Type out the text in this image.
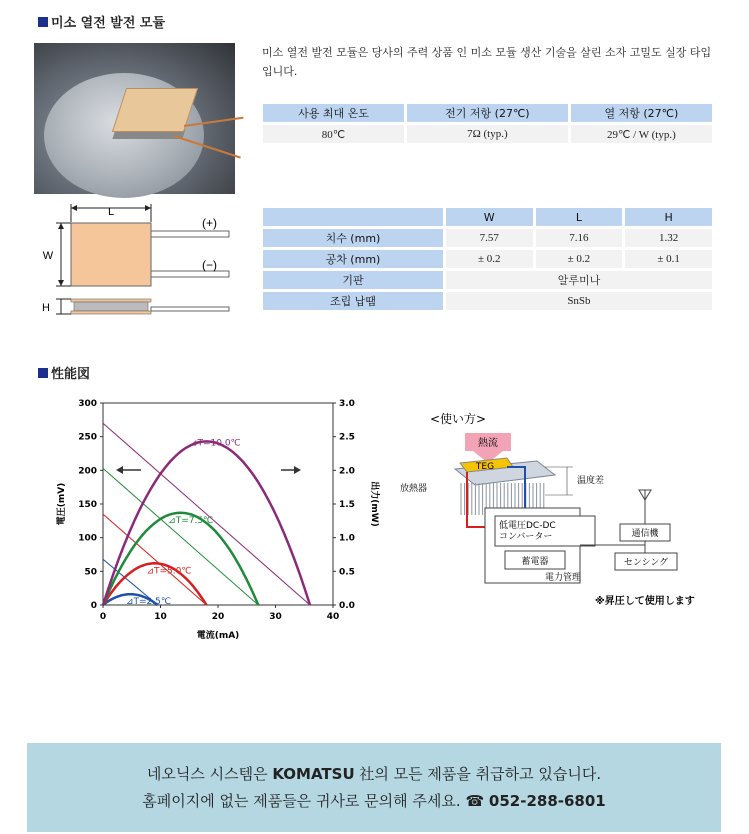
미소 열전 발전 모듈
미소 열전 발전 모듈은 당사의 주력 상품 인 미소 모듈 생산 기술을 살린 소자 고밀도 실장 타입입니다.
사용 최대 온도	전기 저항 (27℃)	열 저항 (27℃)
80℃	7Ω (typ.)	29℃ / W (typ.)
L
(+)
(−)
W
H
	W	L	H
치수 (mm)	7.57	7.16	1.32
공차 (mm)	± 0.2	± 0.2	± 0.1
기판	알루미나		
조립 납땜	SnSb		
性能図
0	10	20	30	40
0
50
100
150
200
250
300
0.0
0.5
1.0
1.5
2.0
2.5
3.0
電流(mA)
電圧(mV)	出力(mW)
⊿T=2.5℃
⊿T=5.0℃
⊿T=7.5℃
⊿T=10.0℃
<使い方>
熱流
TEG
放熱器
温度差
低電圧DC-DC コンバーター
蓄電器
電力管理
通信機
センシング
※昇圧して使用します
네오닉스 시스템은 KOMATSU 社의 모든 제품을 취급하고 있습니다.
홈페이지에 없는 제품들은 귀사로 문의해 주세요. ☎ 052-288-6801
